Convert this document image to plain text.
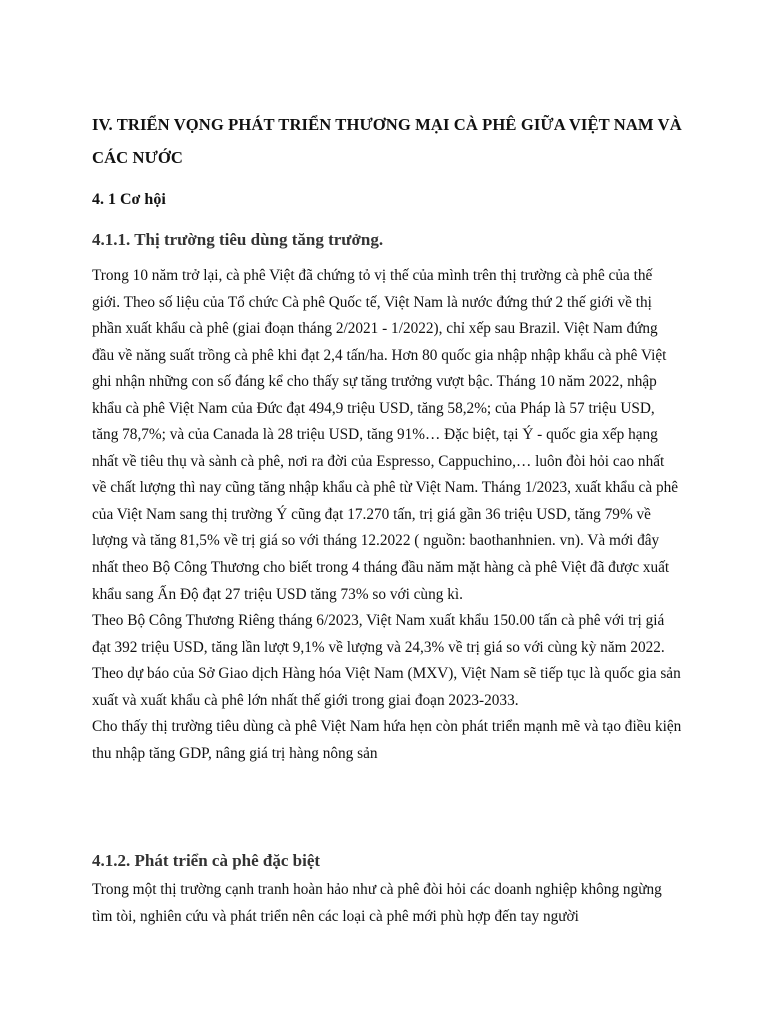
IV. TRIỂN VỌNG PHÁT TRIỂN THƯƠNG MẠI CÀ PHÊ GIỮA VIỆT NAM VÀ CÁC NƯỚC
4. 1 Cơ hội
4.1.1. Thị trường tiêu dùng tăng trưởng.

Trong 10 năm trở lại, cà phê Việt đã chứng tỏ vị thế của mình trên thị trường cà phê của thế giới. Theo số liệu của Tổ chức Cà phê Quốc tế, Việt Nam là nước đứng thứ 2 thế giới về thị phần xuất khẩu cà phê (giai đoạn tháng 2/2021 - 1/2022), chỉ xếp sau Brazil. Việt Nam đứng đầu về năng suất trồng cà phê khi đạt 2,4 tấn/ha. Hơn 80 quốc gia nhập nhập khẩu cà phê Việt ghi nhận những con số đáng kể cho thấy sự tăng trưởng vượt bậc. Tháng 10 năm 2022, nhập khẩu cà phê Việt Nam của Đức đạt 494,9 triệu USD, tăng 58,2%; của Pháp là 57 triệu USD, tăng 78,7%; và của Canada là 28 triệu USD, tăng 91%… Đặc biệt, tại Ý - quốc gia xếp hạng nhất về tiêu thụ và sành cà phê, nơi ra đời của Espresso, Cappuchino,… luôn đòi hỏi cao nhất về chất lượng thì nay cũng tăng nhập khẩu cà phê từ Việt Nam. Tháng 1/2023, xuất khẩu cà phê của Việt Nam sang thị trường Ý cũng đạt 17.270 tấn, trị giá gần 36 triệu USD, tăng 79% về lượng và tăng 81,5% về trị giá so với tháng 12.2022 ( nguồn: baothanhnien. vn). Và mới đây nhất theo Bộ Công Thương cho biết trong 4 tháng đầu năm mặt hàng cà phê Việt đã được xuất khẩu sang Ấn Độ đạt 27 triệu USD tăng 73% so với cùng kì.

Theo Bộ Công Thương Riêng tháng 6/2023, Việt Nam xuất khẩu 150.00 tấn cà phê với trị giá đạt 392 triệu USD, tăng lần lượt 9,1% về lượng và 24,3% về trị giá so với cùng kỳ năm 2022. Theo dự báo của Sở Giao dịch Hàng hóa Việt Nam (MXV), Việt Nam sẽ tiếp tục là quốc gia sản xuất và xuất khẩu cà phê lớn nhất thế giới trong giai đoạn 2023-2033.

Cho thấy thị trường tiêu dùng cà phê Việt Nam hứa hẹn còn phát triển mạnh mẽ và tạo điều kiện thu nhập tăng GDP, nâng giá trị hàng nông sản

4.1.2. Phát triển cà phê đặc biệt

Trong một thị trường cạnh tranh hoàn hảo như cà phê đòi hỏi các doanh nghiệp không ngừng tìm tòi, nghiên cứu và phát triển nên các loại cà phê mới phù hợp đến tay người
